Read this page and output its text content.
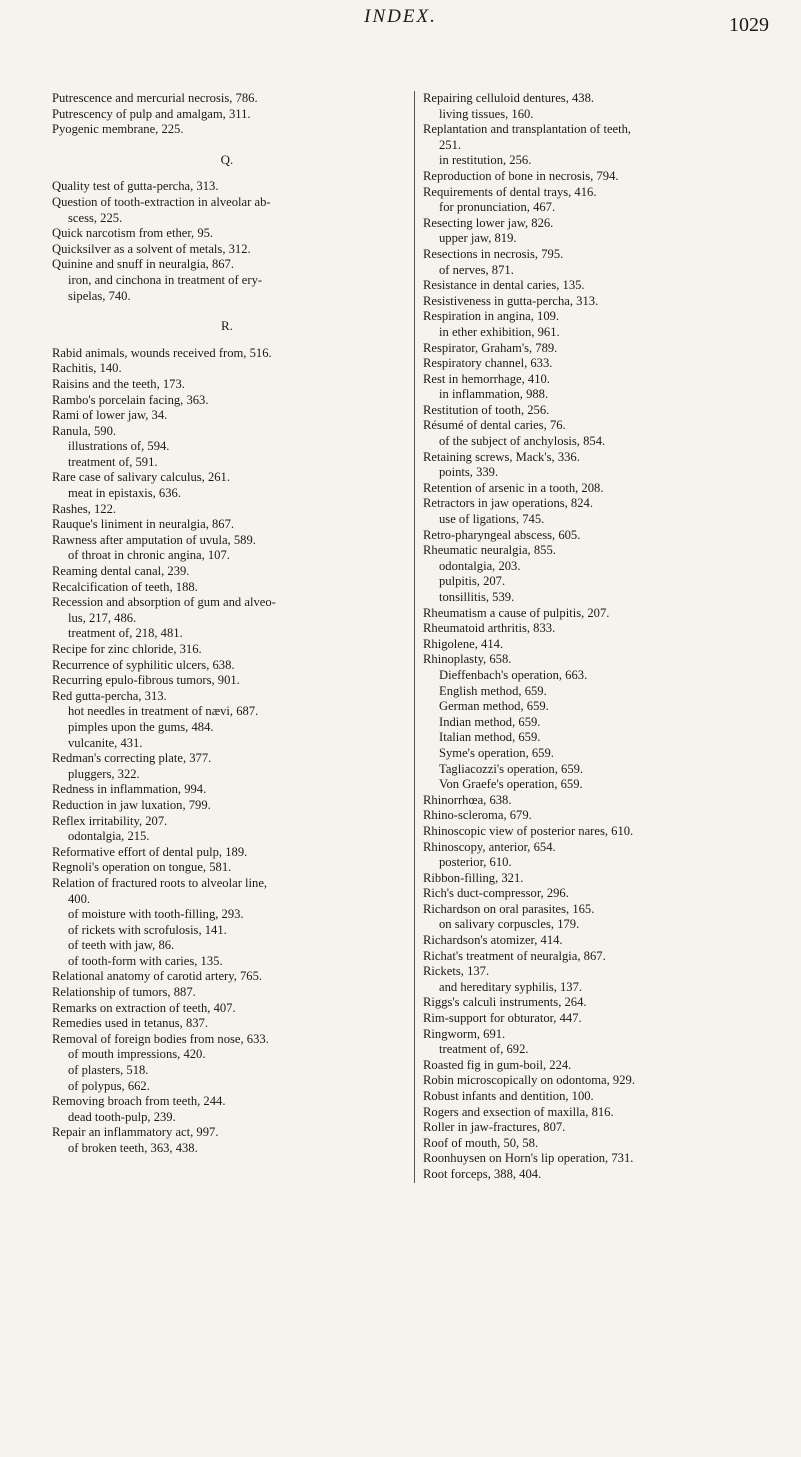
INDEX.	1029
Putrescence and mercurial necrosis, 786.
Putrescency of pulp and amalgam, 311.
Pyogenic membrane, 225.
Q.
Quality test of gutta-percha, 313.
Question of tooth-extraction in alveolar ab-
scess, 225.
Quick narcotism from ether, 95.
Quicksilver as a solvent of metals, 312.
Quinine and snuff in neuralgia, 867.
iron, and cinchona in treatment of ery-
sipelas, 740.
R.
Rabid animals, wounds received from, 516.
Rachitis, 140.
Raisins and the teeth, 173.
Rambo's porcelain facing, 363.
Rami of lower jaw, 34.
Ranula, 590.
illustrations of, 594.
treatment of, 591.
Rare case of salivary calculus, 261.
meat in epistaxis, 636.
Rashes, 122.
Rauque's liniment in neuralgia, 867.
Rawness after amputation of uvula, 589.
of throat in chronic angina, 107.
Reaming dental canal, 239.
Recalcification of teeth, 188.
Recession and absorption of gum and alveo-
lus, 217, 486.
treatment of, 218, 481.
Recipe for zinc chloride, 316.
Recurrence of syphilitic ulcers, 638.
Recurring epulo-fibrous tumors, 901.
Red gutta-percha, 313.
hot needles in treatment of nævi, 687.
pimples upon the gums, 484.
vulcanite, 431.
Redman's correcting plate, 377.
pluggers, 322.
Redness in inflammation, 994.
Reduction in jaw luxation, 799.
Reflex irritability, 207.
odontalgia, 215.
Reformative effort of dental pulp, 189.
Regnoli's operation on tongue, 581.
Relation of fractured roots to alveolar line,
400.
of moisture with tooth-filling, 293.
of rickets with scrofulosis, 141.
of teeth with jaw, 86.
of tooth-form with caries, 135.
Relational anatomy of carotid artery, 765.
Relationship of tumors, 887.
Remarks on extraction of teeth, 407.
Remedies used in tetanus, 837.
Removal of foreign bodies from nose, 633.
of mouth impressions, 420.
of plasters, 518.
of polypus, 662.
Removing broach from teeth, 244.
dead tooth-pulp, 239.
Repair an inflammatory act, 997.
of broken teeth, 363, 438.
Repairing celluloid dentures, 438.
living tissues, 160.
Replantation and transplantation of teeth,
251.
in restitution, 256.
Reproduction of bone in necrosis, 794.
Requirements of dental trays, 416.
for pronunciation, 467.
Resecting lower jaw, 826.
upper jaw, 819.
Resections in necrosis, 795.
of nerves, 871.
Resistance in dental caries, 135.
Resistiveness in gutta-percha, 313.
Respiration in angina, 109.
in ether exhibition, 961.
Respirator, Graham's, 789.
Respiratory channel, 633.
Rest in hemorrhage, 410.
in inflammation, 988.
Restitution of tooth, 256.
Résumé of dental caries, 76.
of the subject of anchylosis, 854.
Retaining screws, Mack's, 336.
points, 339.
Retention of arsenic in a tooth, 208.
Retractors in jaw operations, 824.
use of ligations, 745.
Retro-pharyngeal abscess, 605.
Rheumatic neuralgia, 855.
odontalgia, 203.
pulpitis, 207.
tonsillitis, 539.
Rheumatism a cause of pulpitis, 207.
Rheumatoid arthritis, 833.
Rhigolene, 414.
Rhinoplasty, 658.
Dieffenbach's operation, 663.
English method, 659.
German method, 659.
Indian method, 659.
Italian method, 659.
Syme's operation, 659.
Tagliacozzi's operation, 659.
Von Graefe's operation, 659.
Rhinorrhœa, 638.
Rhino-scleroma, 679.
Rhinoscopic view of posterior nares, 610.
Rhinoscopy, anterior, 654.
posterior, 610.
Ribbon-filling, 321.
Rich's duct-compressor, 296.
Richardson on oral parasites, 165.
on salivary corpuscles, 179.
Richardson's atomizer, 414.
Richat's treatment of neuralgia, 867.
Rickets, 137.
and hereditary syphilis, 137.
Riggs's calculi instruments, 264.
Rim-support for obturator, 447.
Ringworm, 691.
treatment of, 692.
Roasted fig in gum-boil, 224.
Robin microscopically on odontoma, 929.
Robust infants and dentition, 100.
Rogers and exsection of maxilla, 816.
Roller in jaw-fractures, 807.
Roof of mouth, 50, 58.
Roonhuysen on Horn's lip operation, 731.
Root forceps, 388, 404.
